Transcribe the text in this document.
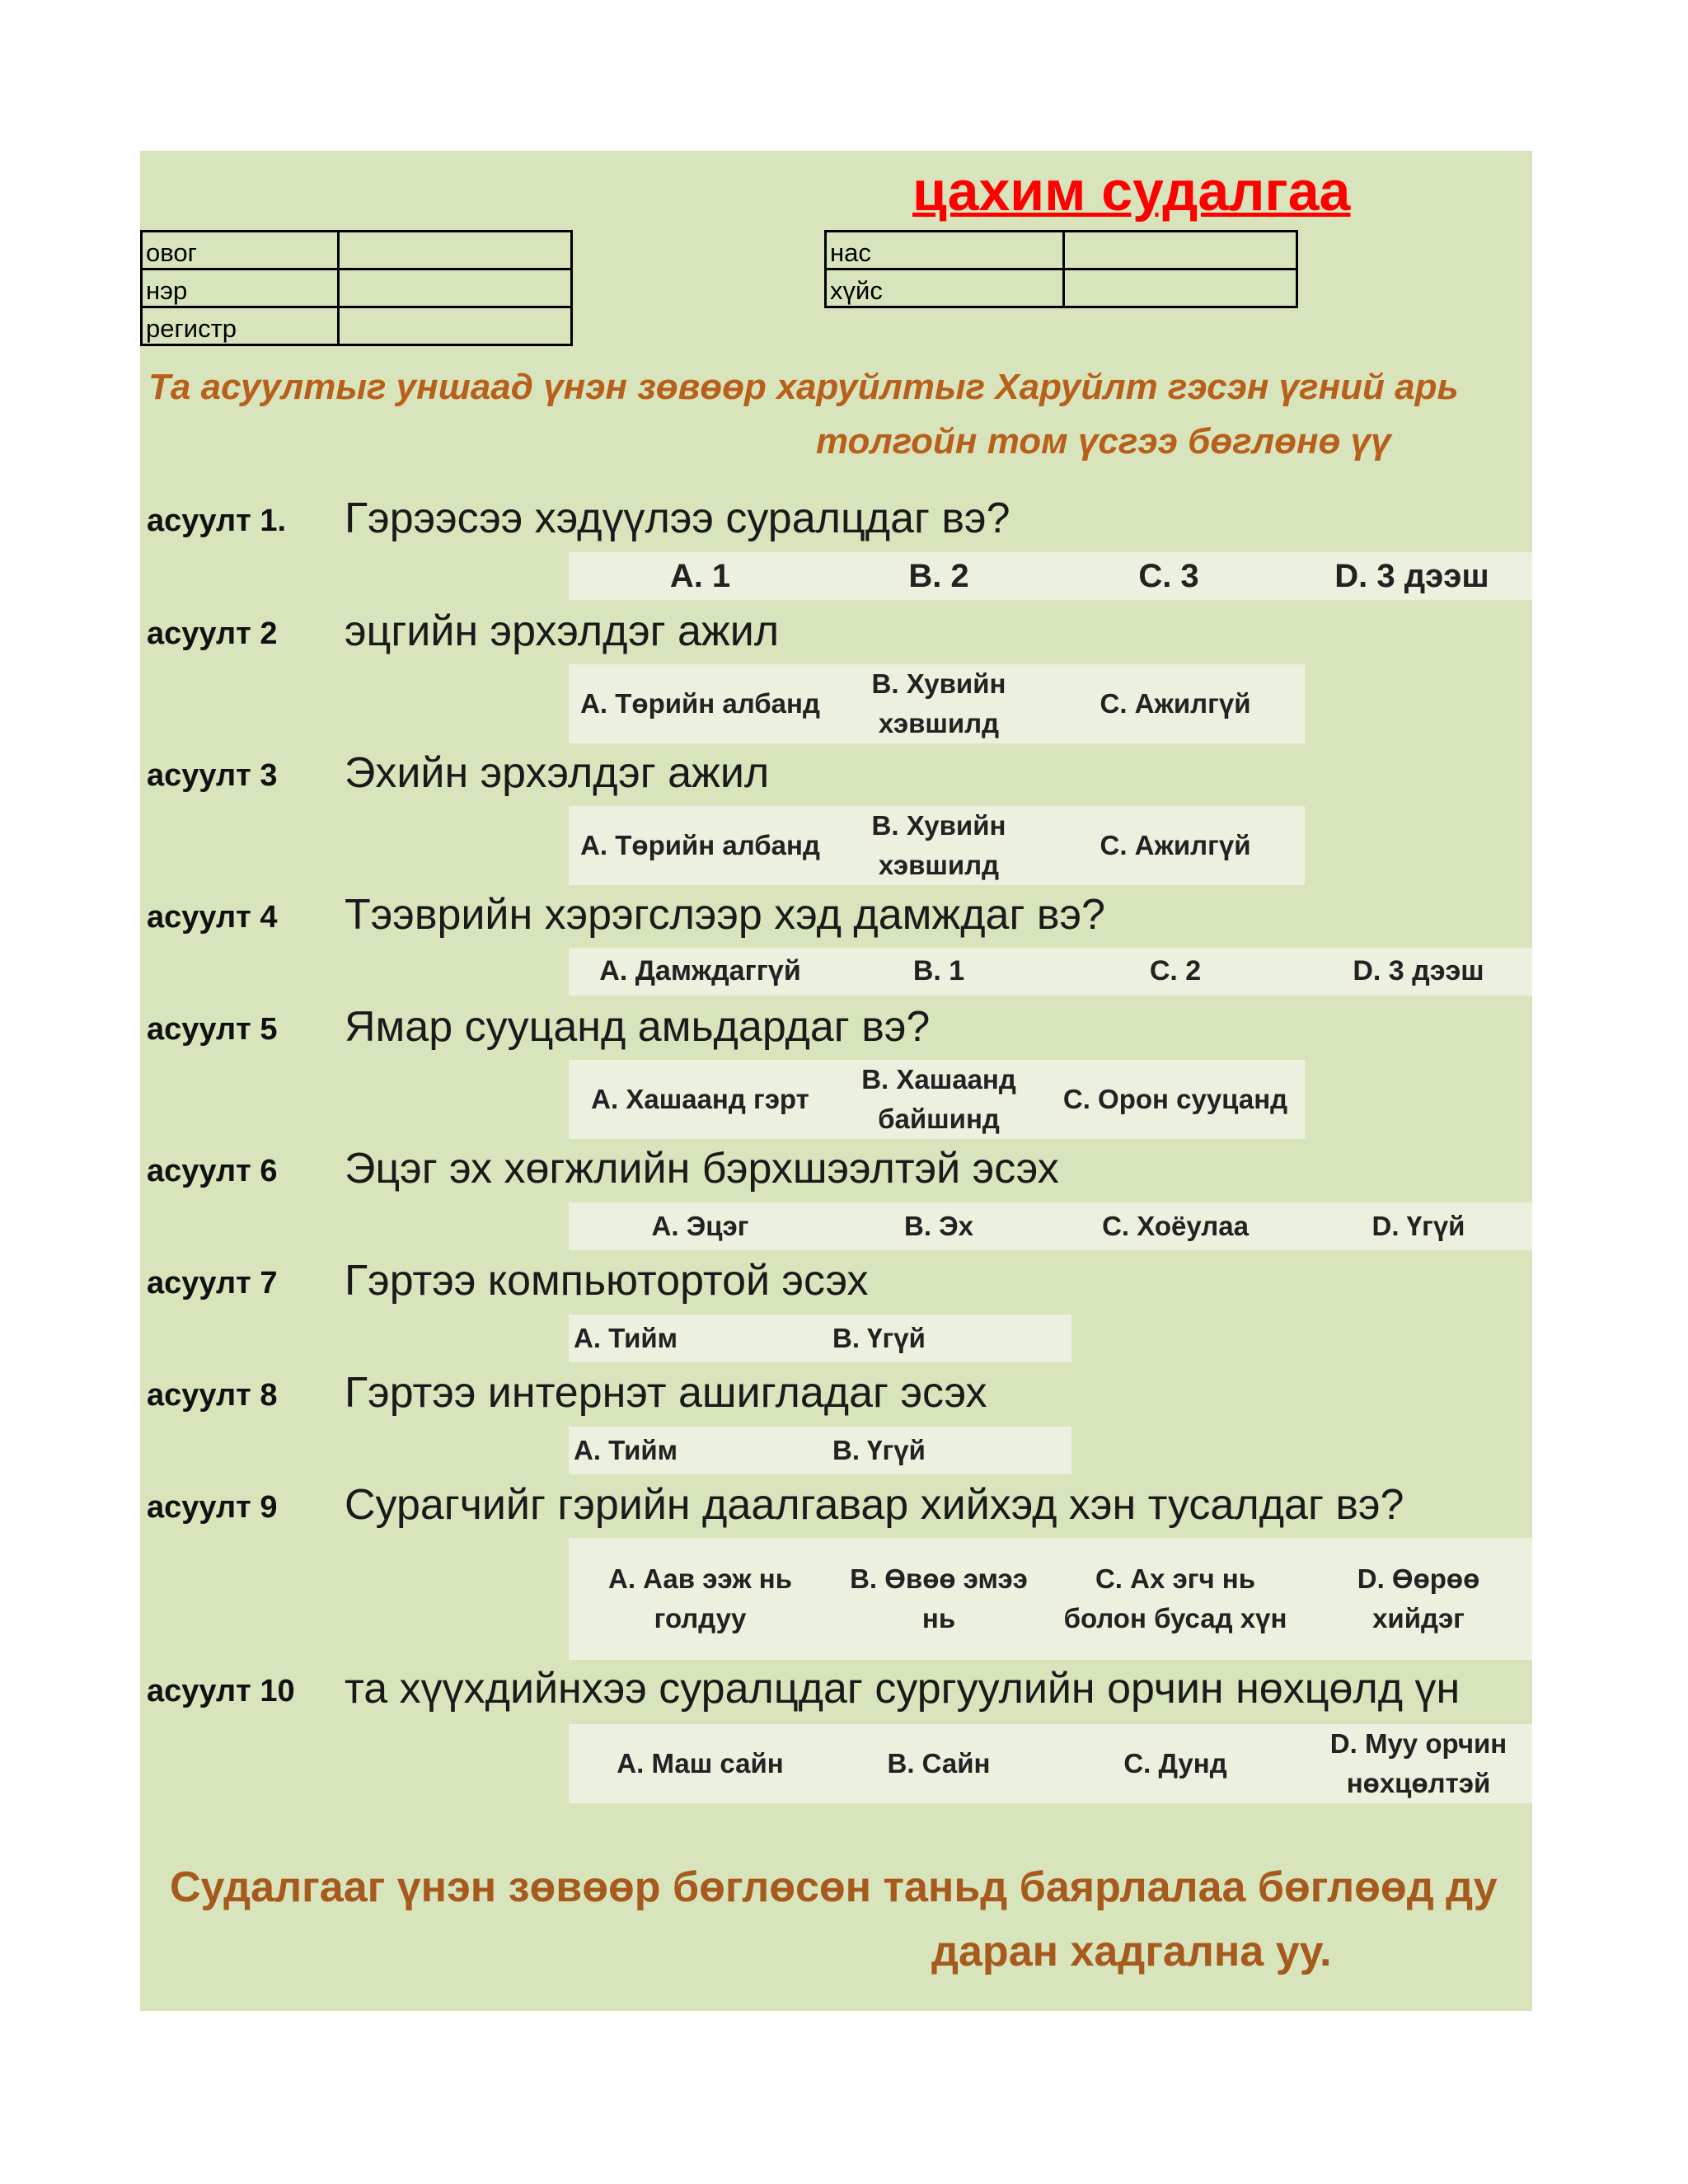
цахим судалгаа
овог	
нэр	
регистр	
нас	
хүйс	
Та асуултыг уншаад үнэн зөвөөр харуйлтыг Харуйлт гэсэн үгний арь
толгойн том үсгээ бөглөнө үү
асуулт 1. Гэрээсээ хэдүүлээ суралцдаг вэ?
A. 1	B. 2	C. 3	D. 3 дээш
асуулт 2 эцгийн эрхэлдэг ажил
A. Төрийн албанд
B. Хувийн хэвшилд
C. Ажилгүй
асуулт 3 Эхийн эрхэлдэг ажил
A. Төрийн албанд
B. Хувийн хэвшилд
C. Ажилгүй
асуулт 4 Тээврийн хэрэгслээр хэд дамждаг вэ?
A. Дамждаггүй	B. 1	C. 2	D. 3 дээш
асуулт 5 Ямар сууцанд амьдардаг вэ?
A. Хашаанд гэрт
B. Хашаанд байшинд
C. Орон сууцанд
асуулт 6 Эцэг эх хөгжлийн бэрхшээлтэй эсэх
A. Эцэг	B. Эх	C. Хоёулаа	D. Үгүй
асуулт 7 Гэртээ компьютортой эсэх
A. Тийм	B. Үгүй
асуулт 8 Гэртээ интернэт ашигладаг эсэх
A. Тийм	B. Үгүй
асуулт 9 Сурагчийг гэрийн даалгавар хийхэд хэн тусалдаг вэ?
A. Аав ээж нь голдуу
B. Өвөө эмээ нь
C. Ах эгч нь болон бусад хүн
D. Өөрөө хийдэг
асуулт 10 та хүүхдийнхээ суралцдаг сургуулийн орчин нөхцөлд үн
A. Маш сайн	B. Сайн	C. Дунд
D. Муу орчин нөхцөлтэй
Судалгааг үнэн зөвөөр бөглөсөн таньд баярлалаа бөглөөд ду
даран хадгална уу.
